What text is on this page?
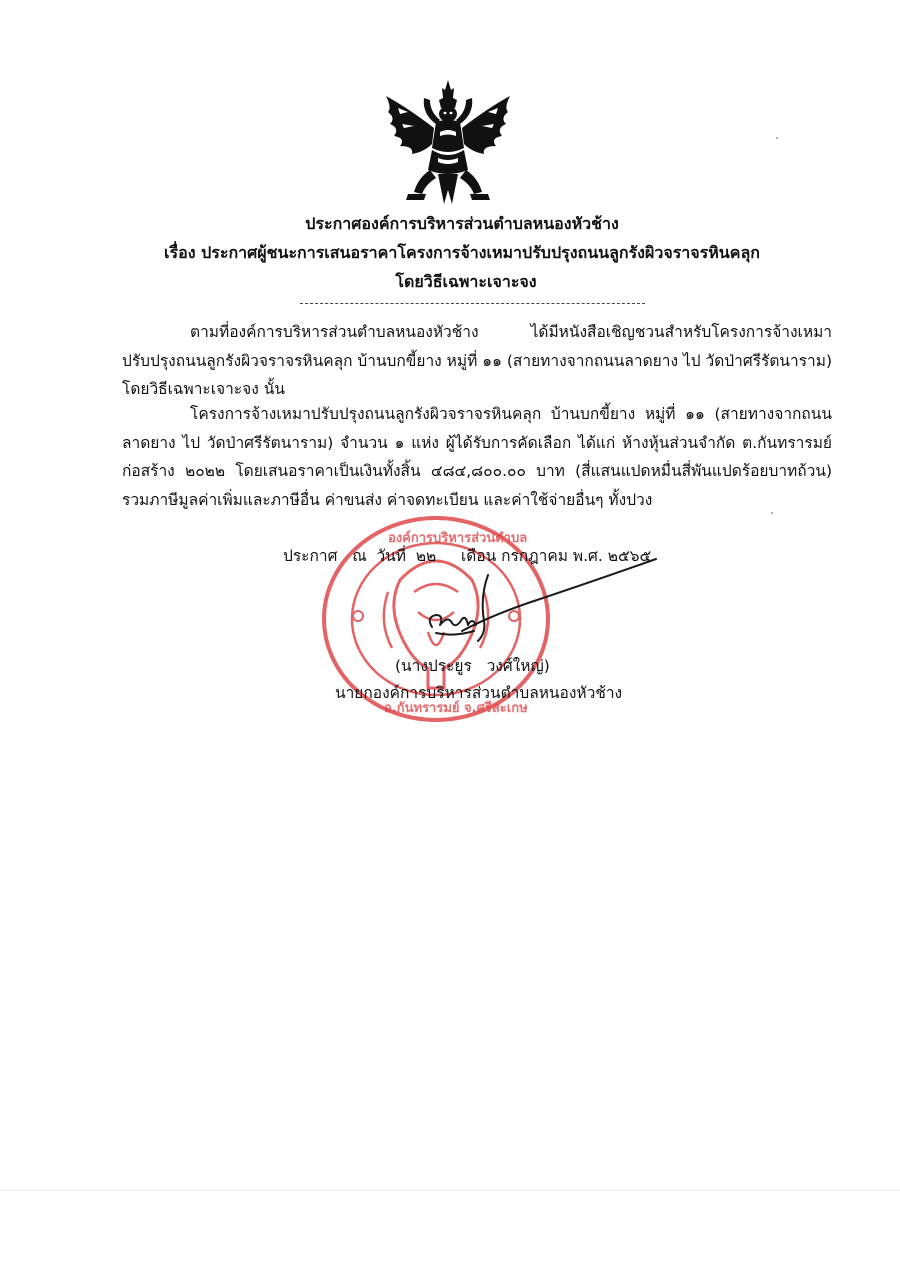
ประกาศองค์การบริหารส่วนตำบลหนองหัวช้าง
เรื่อง ประกาศผู้ชนะการเสนอราคาโครงการจ้างเหมาปรับปรุงถนนลูกรังผิวจราจรหินคลุก
โดยวิธีเฉพาะเจาะจง

ตามที่องค์การบริหารส่วนตำบลหนองหัวช้าง ได้มีหนังสือเชิญชวนสำหรับโครงการจ้างเหมาปรับปรุงถนนลูกรังผิวจราจรหินคลุก บ้านบกขี้ยาง หมู่ที่ ๑๑ (สายทางจากถนนลาดยาง ไป วัดป่าศรีรัตนาราม) โดยวิธีเฉพาะเจาะจง นั้น

โครงการจ้างเหมาปรับปรุงถนนลูกรังผิวจราจรหินคลุก บ้านบกขี้ยาง หมู่ที่ ๑๑ (สายทางจากถนนลาดยาง ไป วัดป่าศรีรัตนาราม) จำนวน ๑ แห่ง ผู้ได้รับการคัดเลือก ได้แก่ ห้างหุ้นส่วนจำกัด ต.กันทรารมย์ก่อสร้าง ๒๐๒๒ โดยเสนอราคาเป็นเงินทั้งสิ้น ๔๘๔,๘๐๐.๐๐ บาท (สี่แสนแปดหมื่นสี่พันแปดร้อยบาทถ้วน) รวมภาษีมูลค่าเพิ่มและภาษีอื่น ค่าขนส่ง ค่าจดทะเบียน และค่าใช้จ่ายอื่นๆ ทั้งปวง

องค์การบริหารส่วนตำบล
อ.กันทรารมย์ จ.ศรีสะเกษ
ประกาศ ณ วันที่ ๒๒ เดือน กรกฎาคม พ.ศ. ๒๕๖๕
(นางประยูร   วงศ์ใหญ่)
นายกองค์การบริหารส่วนตำบลหนองหัวช้าง
